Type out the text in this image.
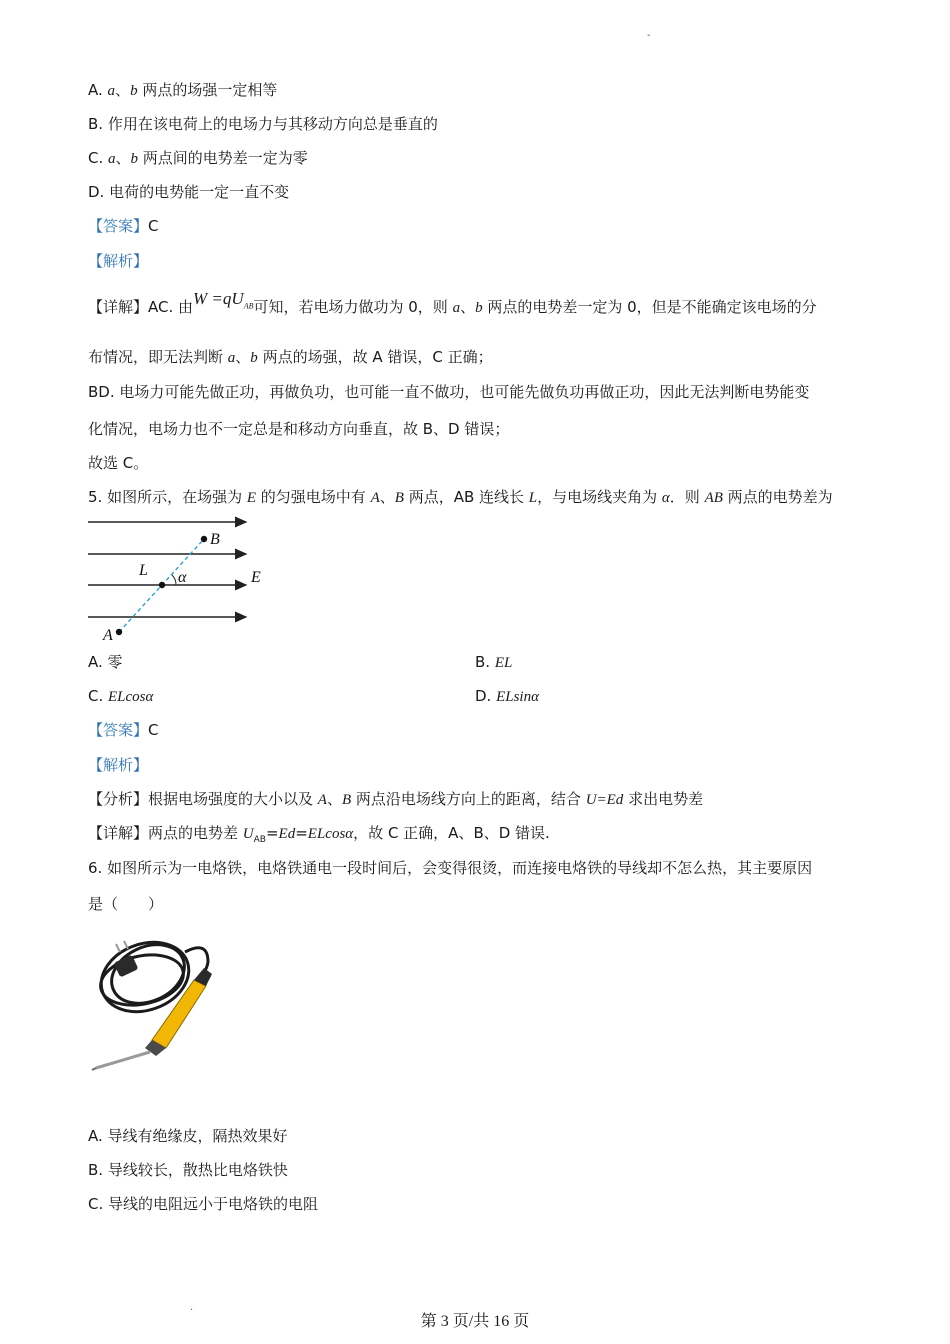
-
A. a、b 两点的场强一定相等
B. 作用在该电荷上的电场力与其移动方向总是垂直的
C. a、b 两点间的电势差一定为零
D. 电荷的电势能一定一直不变
【答案】C
【解析】
【详解】AC. 由$W =qU_{AB}$可知，若电场力做功为 0，则 a、b 两点的电势差一定为 0，但是不能确定该电场的分
布情况，即无法判断 a、b 两点的场强，故 A 错误，C 正确；
BD. 电场力可能先做正功，再做负功，也可能一直不做功，也可能先做负功再做正功，因此无法判断电势能变
化情况，电场力也不一定总是和移动方向垂直，故 B、D 错误；
故选 C。
5. 如图所示，在场强为 E 的匀强电场中有 A、B 两点，AB 连线长 L，与电场线夹角为 α．则 AB 两点的电势差为
A
B
L α	E
A. 零	B. EL
C. ELcosα	D. ELsinα
【答案】C
【解析】
【分析】根据电场强度的大小以及 A、B 两点沿电场线方向上的距离，结合 U=Ed 求出电势差
【详解】两点的电势差 $U_{AB}=Ed=ELcos\alpha$，故 C 正确，A、B、D 错误.
6. 如图所示为一电烙铁，电烙铁通电一段时间后，会变得很烫，而连接电烙铁的导线却不怎么热，其主要原因
是（　　）
A. 导线有绝缘皮，隔热效果好
B. 导线较长，散热比电烙铁快
C. 导线的电阻远小于电烙铁的电阻
.
第 3 页/共 16 页
